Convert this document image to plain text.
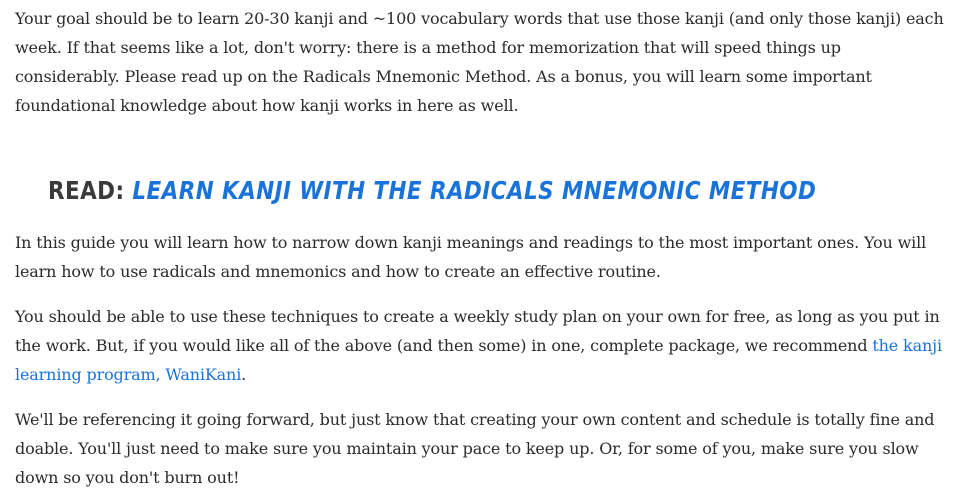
Your goal should be to learn 20-30 kanji and ~100 vocabulary words that use those kanji (and only those kanji) each week. If that seems like a lot, don't worry: there is a method for memorization that will speed things up considerably. Please read up on the Radicals Mnemonic Method. As a bonus, you will learn some important foundational knowledge about how kanji works in here as well.

READ: LEARN KANJI WITH THE RADICALS MNEMONIC METHOD

In this guide you will learn how to narrow down kanji meanings and readings to the most important ones. You will learn how to use radicals and mnemonics and how to create an effective routine.

You should be able to use these techniques to create a weekly study plan on your own for free, as long as you put in the work. But, if you would like all of the above (and then some) in one, complete package, we recommend the kanji learning program, WaniKani.

We'll be referencing it going forward, but just know that creating your own content and schedule is totally fine and doable. You'll just need to make sure you maintain your pace to keep up. Or, for some of you, make sure you slow down so you don't burn out!
